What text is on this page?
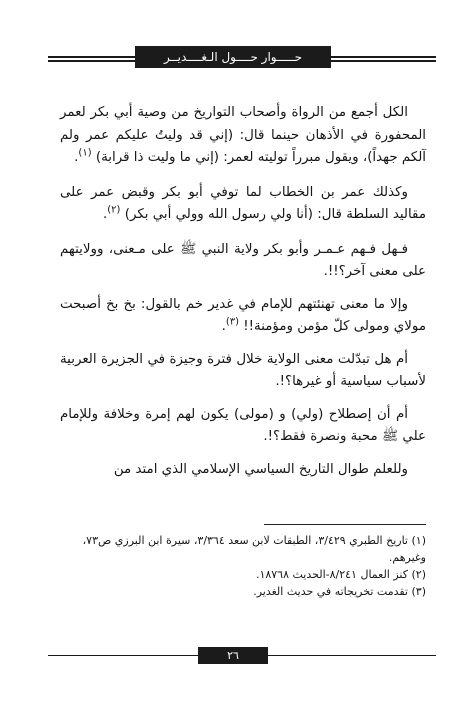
حـــــوار حــــول الـغــــديــر

الكل أجمع من الرواة وأصحاب التواريخ من وصية أبي بكر لعمر المحفورة في الأذهان حينما قال: (إني قد وليتُ عليكم عمر ولم آلكم جهداً)، ويقول مبرراً توليته لعمر: (إني ما وليت ذا قرابة) $^{(١)}$.

وكذلك عمر بن الخطاب لما توفي أبو بكر وقبض عمر على مقاليد السلطة قال: (أنا ولي رسول الله وولي أبي بكر) $^{(٢)}$.

فـهل فـهم عـمـر وأبو بكر ولاية النبي ﷺ على مـعنى، وولايتهم على معنى آخر؟!!.

وإلا ما معنى تهنئتهم للإمام في غدير خم بالقول: بخ بخ أصبحت مولاي ومولى كلّ مؤمن ومؤمنة!! $^{(٣)}$.

أم هل تبدّلت معنى الولاية خلال فترة وجيزة في الجزيرة العربية لأسباب سياسية أو غيرها؟!.

أم أن إصطلاح (ولي) و (مولى) يكون لهم إمرة وخلافة وللإمام علي ﷺ محبة ونصرة فقط؟!.

وللعلم طوال التاريخ السياسي الإسلامي الذي امتد من

(١) تاريخ الطبري ٣/٤٢٩، الطبقات لابن سعد ٣/٣٦٤، سيرة ابن البرزي ص٧٣، وغيرهم.

(٢) كنز العمال ٨/٢٤١-الحديث ١٨٧٦٨.

(٣) تقدمت تخريجاته في حديث الغدير.

٢٦
